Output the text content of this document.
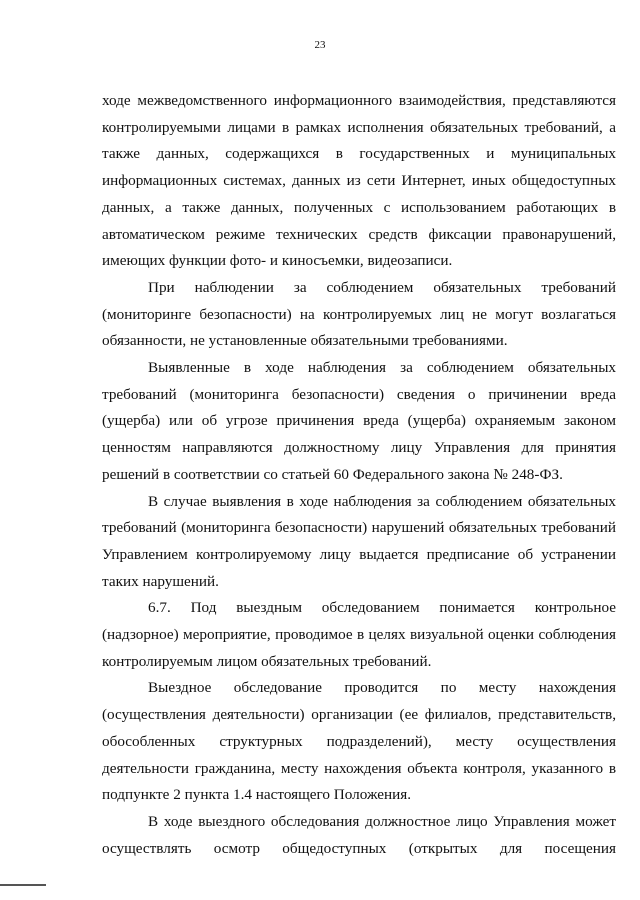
23

ходе межведомственного информационного взаимодействия, представляются контролируемыми лицами в рамках исполнения обязательных требований, а также данных, содержащихся в государственных и муниципальных информационных системах, данных из сети Интернет, иных общедоступных данных, а также данных, полученных с использованием работающих в автоматическом режиме технических средств фиксации правонарушений, имеющих функции фото- и киносъемки, видеозаписи.

При наблюдении за соблюдением обязательных требований (мониторинге безопасности) на контролируемых лиц не могут возлагаться обязанности, не установленные обязательными требованиями.

Выявленные в ходе наблюдения за соблюдением обязательных требований (мониторинга безопасности) сведения о причинении вреда (ущерба) или об угрозе причинения вреда (ущерба) охраняемым законом ценностям направляются должностному лицу Управления для принятия решений в соответствии со статьей 60 Федерального закона № 248-ФЗ.

В случае выявления в ходе наблюдения за соблюдением обязательных требований (мониторинга безопасности) нарушений обязательных требований Управлением контролируемому лицу выдается предписание об устранении таких нарушений.

6.7. Под выездным обследованием понимается контрольное (надзорное) мероприятие, проводимое в целях визуальной оценки соблюдения контролируемым лицом обязательных требований.

Выездное обследование проводится по месту нахождения (осуществления деятельности) организации (ее филиалов, представительств, обособленных структурных подразделений), месту осуществления деятельности гражданина, месту нахождения объекта контроля, указанного в подпункте 2 пункта 1.4 настоящего Положения.

В ходе выездного обследования должностное лицо Управления может осуществлять осмотр общедоступных (открытых для посещения
